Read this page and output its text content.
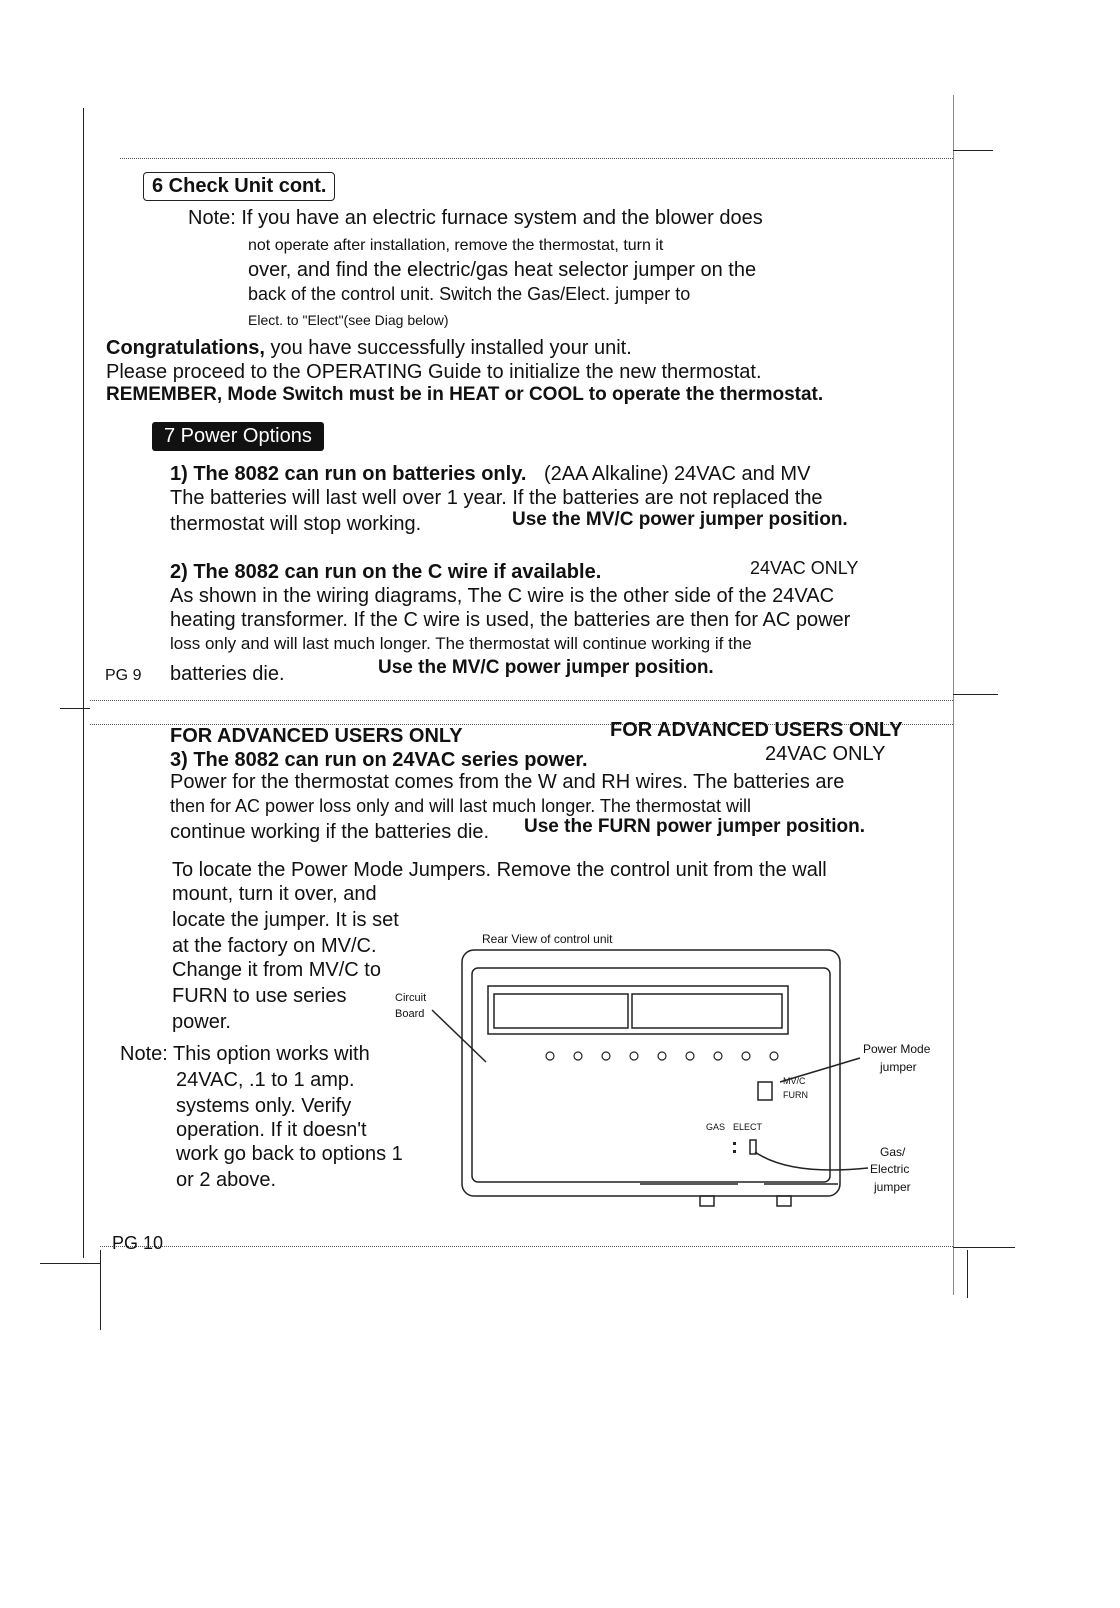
6 Check Unit cont.
Note: If you have an electric furnace system and the blower does
not operate after installation, remove the thermostat, turn it
over, and find the electric/gas heat selector jumper on the
back of the control unit. Switch the Gas/Elect. jumper to
Elect. to "Elect"(see Diag below)
Congratulations, you have successfully installed your unit.
Please proceed to the OPERATING Guide to initialize the new thermostat.
REMEMBER, Mode Switch must be in HEAT or COOL to operate the thermostat.
7 Power Options
1) The 8082 can run on batteries only. (2AA Alkaline) 24VAC and MV
The batteries will last well over 1 year. If the batteries are not replaced the
thermostat will stop working.	Use the MV/C power jumper position.
2) The 8082 can run on the C wire if available.	24VAC ONLY
As shown in the wiring diagrams, The C wire is the other side of the 24VAC
heating transformer. If the C wire is used, the batteries are then for AC power
loss only and will last much longer. The thermostat will continue working if the
PG 9 batteries die.	Use the MV/C power jumper position.
FOR ADVANCED USERS ONLY	FOR ADVANCED USERS ONLY
3) The 8082 can run on 24VAC series power.	24VAC ONLY
Power for the thermostat comes from the W and RH wires. The batteries are
then for AC power loss only and will last much longer. The thermostat will
continue working if the batteries die. Use the FURN power jumper position.
To locate the Power Mode Jumpers. Remove the control unit from the wall
mount, turn it over, and
locate the jumper. It is set
at the factory on MV/C.
Change it from MV/C to
FURN to use series
power.
Note: This option works with
24VAC, .1 to 1 amp.
systems only. Verify
operation. If it doesn't
work go back to options 1
or 2 above.
Rear View of control unit
Circuit
Board
Power Mode
jumper
MV/C
FURN
GAS ELECT
Gas/
Electric
jumper
PG 10
